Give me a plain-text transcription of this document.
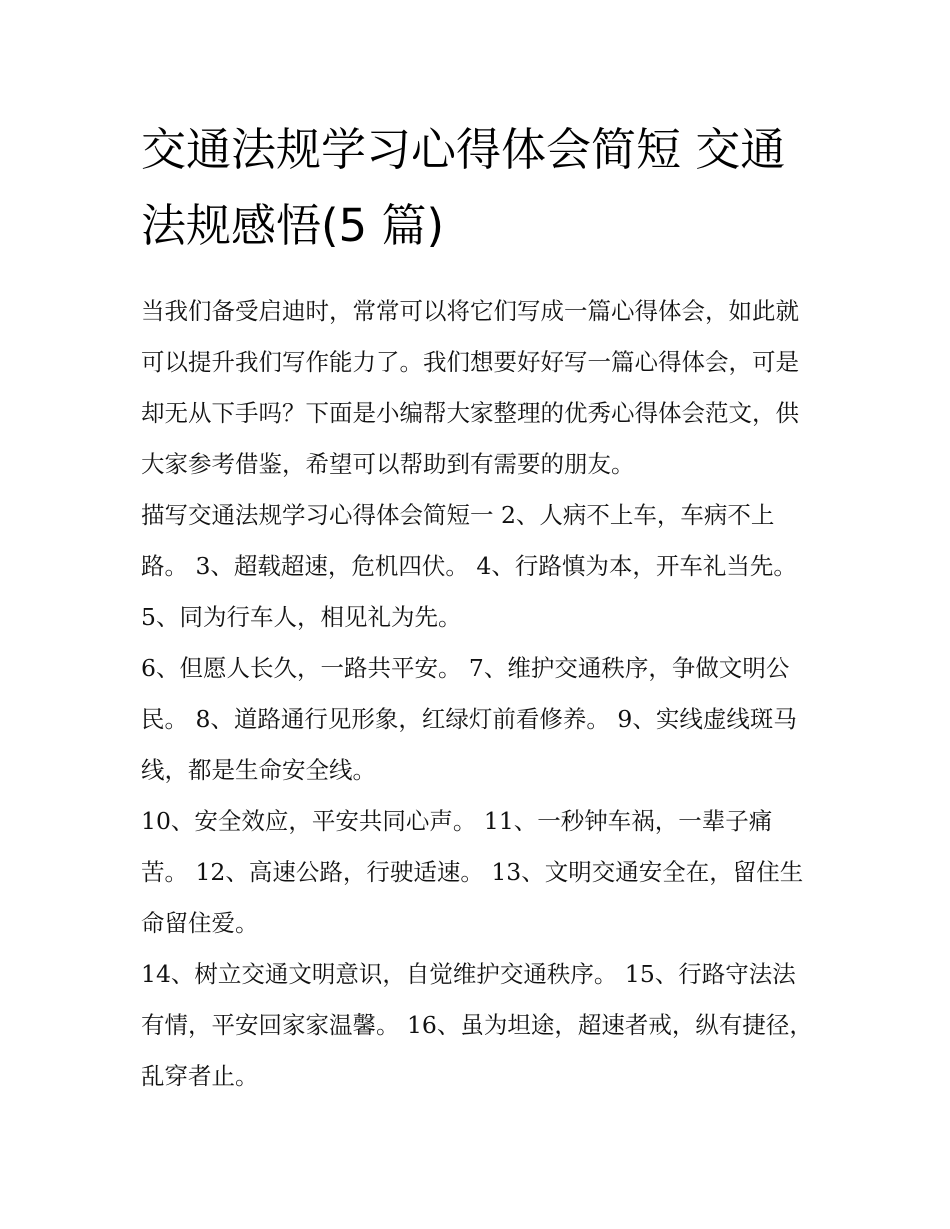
交通法规学习心得体会简短 交通法规感悟(5 篇)

当我们备受启迪时，常常可以将它们写成一篇心得体会，如此就可以提升我们写作能力了。我们想要好好写一篇心得体会，可是却无从下手吗？下面是小编帮大家整理的优秀心得体会范文，供大家参考借鉴，希望可以帮助到有需要的朋友。

描写交通法规学习心得体会简短一 2、人病不上车，车病不上路。 3、超载超速，危机四伏。 4、行路慎为本，开车礼当先。 5、同为行车人，相见礼为先。

6、但愿人长久，一路共平安。 7、维护交通秩序，争做文明公民。 8、道路通行见形象，红绿灯前看修养。 9、实线虚线斑马线，都是生命安全线。

10、安全效应，平安共同心声。 11、一秒钟车祸，一辈子痛苦。 12、高速公路，行驶适速。 13、文明交通安全在，留住生命留住爱。

14、树立交通文明意识，自觉维护交通秩序。 15、行路守法法有情，平安回家家温馨。 16、虽为坦途，超速者戒，纵有捷径，乱穿者止。
